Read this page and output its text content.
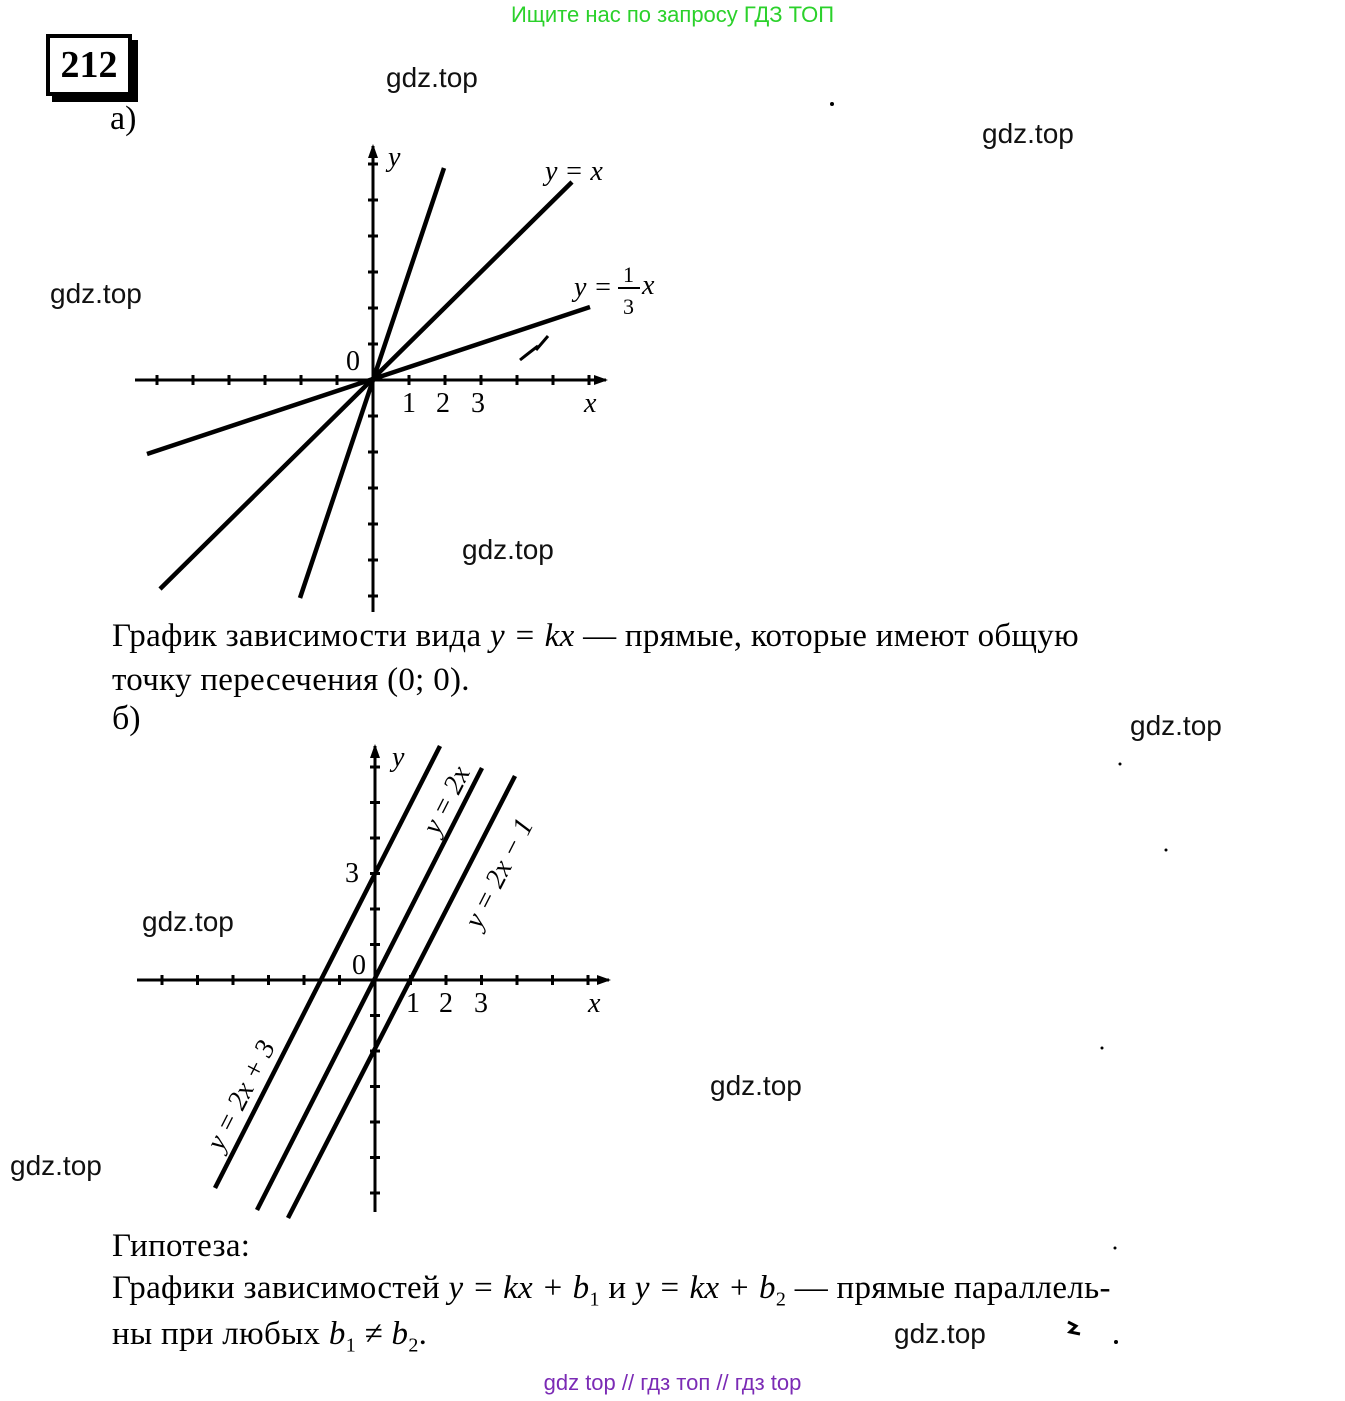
Ищите нас по запросу ГДЗ ТОП
gdz top // гдз топ // гдз top
gdz.top
gdz.top
gdz.top
gdz.top
gdz.top
gdz.top
gdz.top
gdz.top
gdz.top
212
а)
б)
y
x
0
1 2 3
y = x
y = 1
3
x
y
x
0
3
1 2 3
y = 2x + 3
y = 2x
y = 2x − 1
График зависимости вида y = kx — прямые, которые имеют общую
точку пересечения (0; 0).
Гипотеза:
Графики зависимостей y = kx + $b_1$ и y = kx + $b_2$ — прямые параллель-
ны при любых $b_1 \ne b_2$.
